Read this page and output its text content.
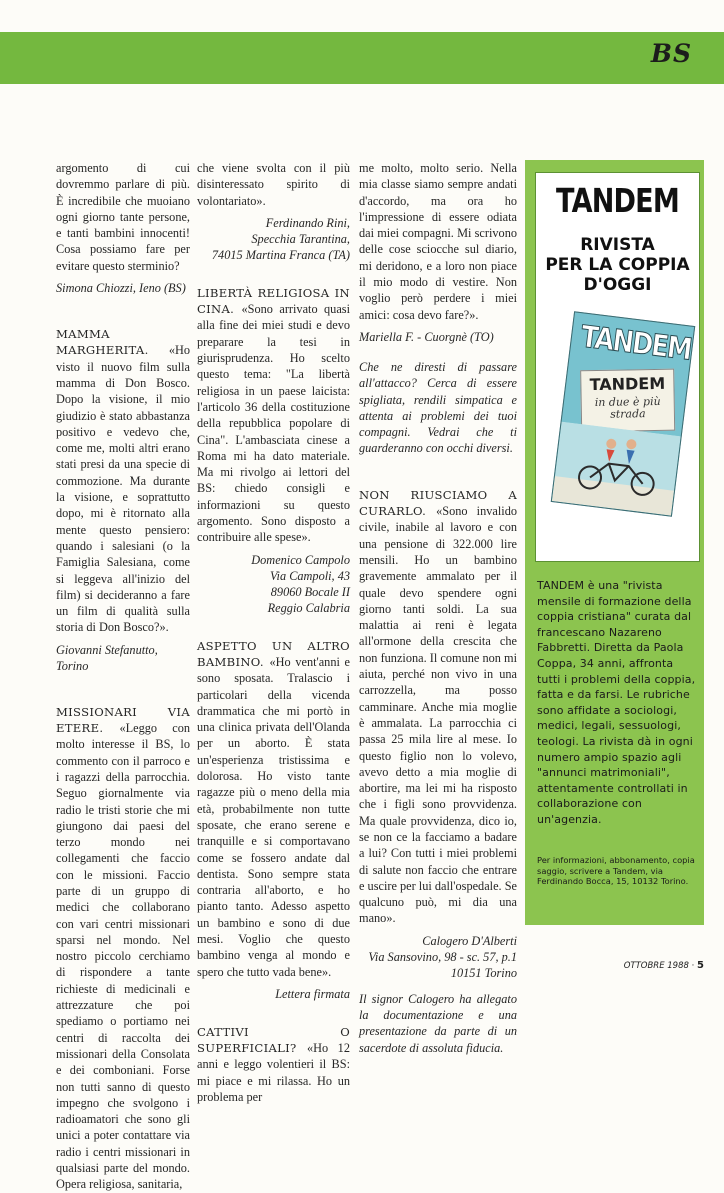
BS

argomento di cui dovremmo parlare di più. È incredibile che muoiano ogni giorno tante persone, e tanti bambini innocenti! Cosa possiamo fare per evitare questo sterminio?

Simona Chiozzi, Ieno (BS)

MAMMA MARGHERITA. «Ho visto il nuovo film sulla mamma di Don Bosco. Dopo la visione, il mio giudizio è stato abbastanza positivo e vedevo che, come me, molti altri erano stati presi da una specie di commozione. Ma durante la visione, e soprattutto dopo, mi è ritornato alla mente questo pensiero: quando i salesiani (o la Famiglia Salesiana, come si leggeva all'inizio del film) si decideranno a fare un film di qualità sulla storia di Don Bosco?».

Giovanni Stefanutto, Torino

MISSIONARI VIA ETERE. «Leggo con molto interesse il BS, lo commento con il parroco e i ragazzi della parrocchia. Seguo giornalmente via radio le tristi storie che mi giungono dai paesi del terzo mondo nei collegamenti che faccio con le missioni. Faccio parte di un gruppo di medici che collaborano con vari centri missionari sparsi nel mondo. Nel nostro piccolo cerchiamo di rispondere a tante richieste di medicinali e attrezzature che poi spediamo o portiamo nei centri di raccolta dei missionari della Consolata e dei comboniani. Forse non tutti sanno di questo impegno che svolgono i radioamatori che sono gli unici a poter contattare via radio i centri missionari in qualsiasi parte del mondo. Opera religiosa, sanitaria,

che viene svolta con il più disinteressato spirito di volontariato».

Ferdinando Rini,
Specchia Tarantina,
74015 Martina Franca (TA)

LIBERTÀ RELIGIOSA IN CINA. «Sono arrivato quasi alla fine dei miei studi e devo preparare la tesi in giurisprudenza. Ho scelto questo tema: "La libertà religiosa in un paese laicista: l'articolo 36 della costituzione della repubblica popolare di Cina". L'ambasciata cinese a Roma mi ha dato materiale. Ma mi rivolgo ai lettori del BS: chiedo consigli e informazioni su questo argomento. Sono disposto a contribuire alle spese».

Domenico Campolo
Via Campoli, 43
89060 Bocale II
Reggio Calabria

ASPETTO UN ALTRO BAMBINO. «Ho vent'anni e sono sposata. Tralascio i particolari della vicenda drammatica che mi portò in una clinica privata dell'Olanda per un aborto. È stata un'esperienza tristissima e dolorosa. Ho visto tante ragazze più o meno della mia età, probabilmente non tutte sposate, che erano serene e tranquille e si comportavano come se fossero andate dal dentista. Sono sempre stata contraria all'aborto, e ho pianto tanto. Adesso aspetto un bambino e sono di due mesi. Voglio che questo bambino venga al mondo e spero che tutto vada bene».

Lettera firmata

CATTIVI O SUPERFICIALI? «Ho 12 anni e leggo volentieri il BS: mi piace e mi rilassa. Ho un problema per

me molto, molto serio. Nella mia classe siamo sempre andati d'accordo, ma ora ho l'impressione di essere odiata dai miei compagni. Mi scrivono delle cose sciocche sul diario, mi deridono, e a loro non piace il mio modo di vestire. Non voglio però perdere i miei amici: cosa devo fare?».

Mariella F. - Cuorgnè (TO)

Che ne diresti di passare all'attacco? Cerca di essere spigliata, rendili simpatica e attenta ai problemi dei tuoi compagni. Vedrai che ti guarderanno con occhi diversi.

NON RIUSCIAMO A CURARLO. «Sono invalido civile, inabile al lavoro e con una pensione di 322.000 lire mensili. Ho un bambino gravemente ammalato per il quale devo spendere ogni giorno tanti soldi. La sua malattia ai reni è legata all'ormone della crescita che non funziona. Il comune non mi aiuta, perché non vivo in una carrozzella, ma posso camminare. Anche mia moglie è ammalata. La parrocchia ci passa 25 mila lire al mese. Io questo figlio non lo volevo, avevo detto a mia moglie di abortire, ma lei mi ha risposto che i figli sono provvidenza. Ma quale provvidenza, dico io, se non ce la facciamo a badare a lui? Con tutti i miei problemi di salute non faccio che entrare e uscire per lui dall'ospedale. Se qualcuno può, mi dia una mano».

Calogero D'Alberti
Via Sansovino, 98 - sc. 57, p.1
10151 Torino

Il signor Calogero ha allegato la documentazione e una presentazione da parte di un sacerdote di assoluta fiducia.

TANDEM
RIVISTA
PER LA COPPIA
D'OGGI
TANDEM
TANDEM
in due è più strada
TANDEM è una "rivista mensile di formazione della coppia cristiana" curata dal francescano Nazareno Fabbretti. Diretta da Paola Coppa, 34 anni, affronta tutti i problemi della coppia, fatta e da farsi. Le rubriche sono affidate a sociologi, medici, legali, sessuologi, teologi. La rivista dà in ogni numero ampio spazio agli "annunci matrimoniali", attentamente controllati in collaborazione con un'agenzia.
Per informazioni, abbonamento, copia saggio, scrivere a Tandem, via Ferdinando Bocca, 15, 10132 Torino.
OTTOBRE 1988 · 5
